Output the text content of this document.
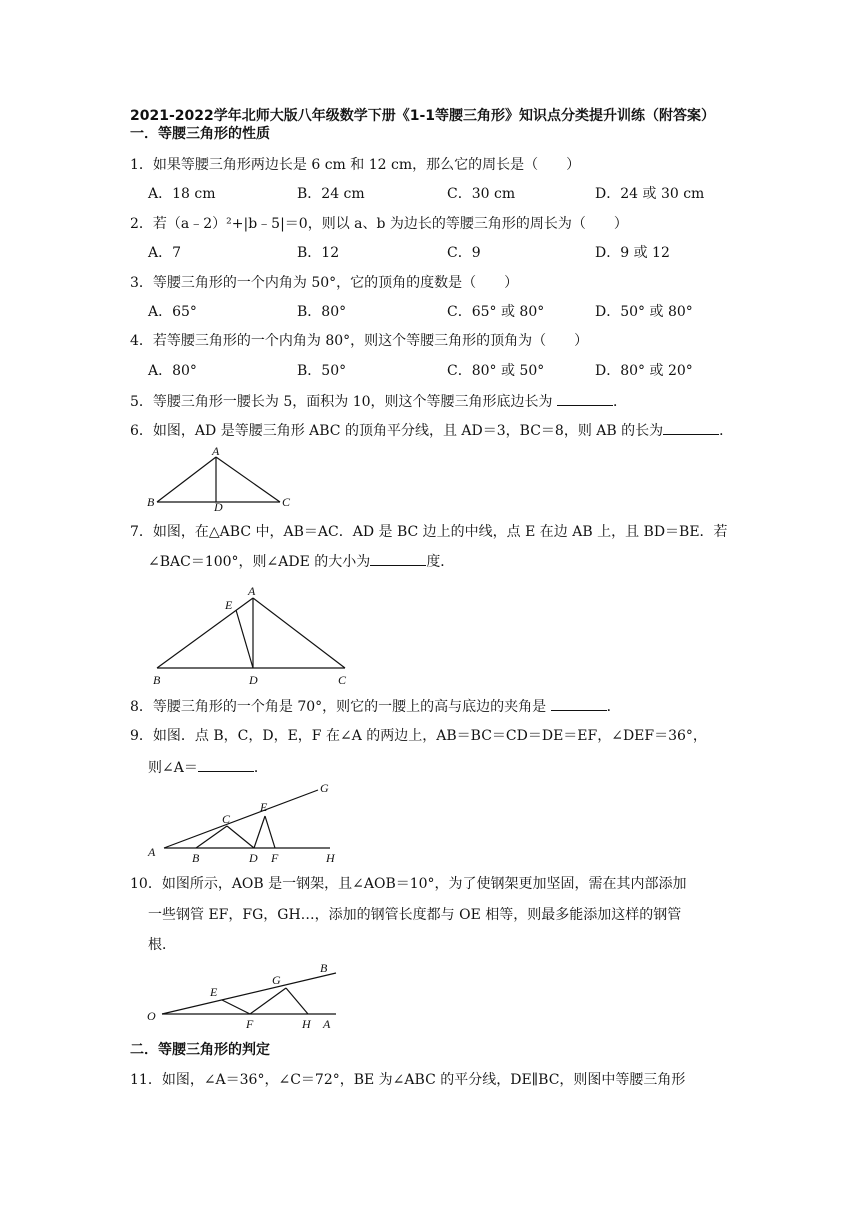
2021-2022学年北师大版八年级数学下册《1-1等腰三角形》知识点分类提升训练（附答案）
一．等腰三角形的性质
1．如果等腰三角形两边长是 6 cm 和 12 cm，那么它的周长是（　　）
A．18 cm	B．24 cm	C．30 cm	D．24 或 30 cm
2．若（a﹣2）²+|b﹣5|＝0，则以 a、b 为边长的等腰三角形的周长为（　　）
A．7	B．12	C．9	D．9 或 12
3．等腰三角形的一个内角为 50°，它的顶角的度数是（　　）
A．65°	B．80°	C．65° 或 80°	D．50° 或 80°
4．若等腰三角形的一个内角为 80°，则这个等腰三角形的顶角为（　　）
A．80°	B．50°	C．80° 或 50°	D．80° 或 20°
5．等腰三角形一腰长为 5，面积为 10，则这个等腰三角形底边长为	．
6．如图，AD 是等腰三角形 ABC 的顶角平分线，且 AD＝3，BC＝8，则 AB 的长为	．
A
B	C
D
7．如图，在△ABC 中，AB＝AC．AD 是 BC 边上的中线，点 E 在边 AB 上，且 BD＝BE．若
∠BAC＝100°，则∠ADE 的大小为	度．
A
B	C
D
E
8．等腰三角形的一个角是 70°，则它的一腰上的高与底边的夹角是	．
9．如图．点 B，C，D，E，F 在∠A 的两边上，AB＝BC＝CD＝DE＝EF，∠DEF＝36°，
则∠A＝	．
A	B
C
D
E
F
G
H
10．如图所示，AOB 是一钢架，且∠AOB＝10°，为了使钢架更加坚固，需在其内部添加
一些钢管 EF，FG，GH…，添加的钢管长度都与 OE 相等，则最多能添加这样的钢管
根．
O
E
F
G
H A
B
二．等腰三角形的判定
11．如图，∠A＝36°，∠C＝72°，BE 为∠ABC 的平分线，DE∥BC，则图中等腰三角形
